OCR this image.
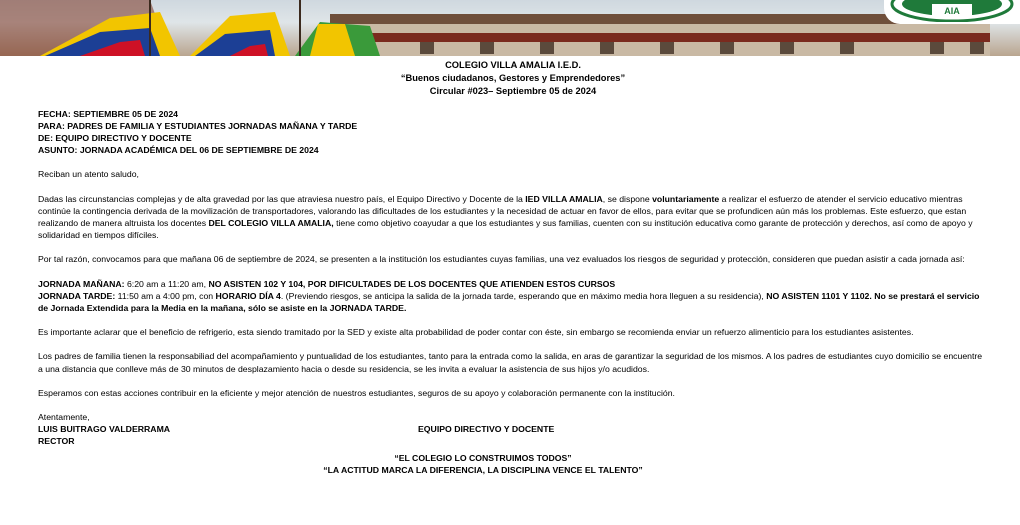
AIA
COLEGIO VILLA AMALIA I.E.D.
“Buenos ciudadanos, Gestores y Emprendedores”
Circular #023– Septiembre 05 de 2024
FECHA: SEPTIEMBRE 05 DE 2024
PARA: PADRES DE FAMILIA Y ESTUDIANTES JORNADAS MAÑANA Y TARDE
DE: EQUIPO DIRECTIVO Y DOCENTE
ASUNTO: JORNADA ACADÉMICA DEL 06 DE SEPTIEMBRE DE 2024

Reciban un atento saludo,

Dadas las circunstancias complejas y de alta gravedad por las que atraviesa nuestro país, el Equipo Directivo y Docente de la IED VILLA AMALIA, se dispone voluntariamente a realizar el esfuerzo de atender el servicio educativo mientras continúe la contingencia derivada de la movilización de transportadores, valorando las dificultades de los estudiantes y la necesidad de actuar en favor de ellos, para evitar que se profundicen aún más los problemas. Este esfuerzo, que estan realizando de manera altruista los docentes DEL COLEGIO VILLA AMALIA, tiene como objetivo coayudar a que los estudiantes y sus familias, cuenten con su institución educativa como garante de protección y derechos, así como de apoyo y solidaridad en tiempos difíciles.

Por tal razón, convocamos para que mañana 06 de septiembre de 2024, se presenten a la institución los estudiantes cuyas familias, una vez evaluados los riesgos de seguridad y protección, consideren que puedan asistir a cada jornada así:

JORNADA MAÑANA: 6:20 am a 11:20 am, NO ASISTEN 102 Y 104, POR DIFICULTADES DE LOS DOCENTES QUE ATIENDEN ESTOS CURSOS

JORNADA TARDE: 11:50 am a 4:00 pm, con HORARIO DÍA 4. (Previendo riesgos, se anticipa la salida de la jornada tarde, esperando que en máximo media hora lleguen a su residencia), NO ASISTEN 1101 Y 1102. No se prestará el servicio de Jornada Extendida para la Media en la mañana, sólo se asiste en la JORNADA TARDE.

Es importante aclarar que el beneficio de refrigerio, esta siendo tramitado por la SED y existe alta probabilidad de poder contar con éste, sin embargo se recomienda enviar un refuerzo alimenticio para los estudiantes asistentes.

Los padres de familia tienen la responsabiliad del acompañamiento y puntualidad de los estudiantes, tanto para la entrada como la salida, en aras de garantizar la seguridad de los mismos. A los padres de estudiantes cuyo domicilio se encuentre a una distancia que conlleve más de 30 minutos de desplazamiento hacia o desde su residencia, se les invita a evaluar la asistencia de sus hijos y/o acudidos.

Esperamos con estas acciones contribuir en la eficiente y mejor atención de nuestros estudiantes, seguros de su apoyo y colaboración permanente con la institución.

Atentamente,

LUIS BUITRAGO VALDERRAMA	EQUIPO DIRECTIVO Y DOCENTE

RECTOR

“EL COLEGIO LO CONSTRUIMOS TODOS”

“LA ACTITUD MARCA LA DIFERENCIA, LA DISCIPLINA VENCE EL TALENTO”
